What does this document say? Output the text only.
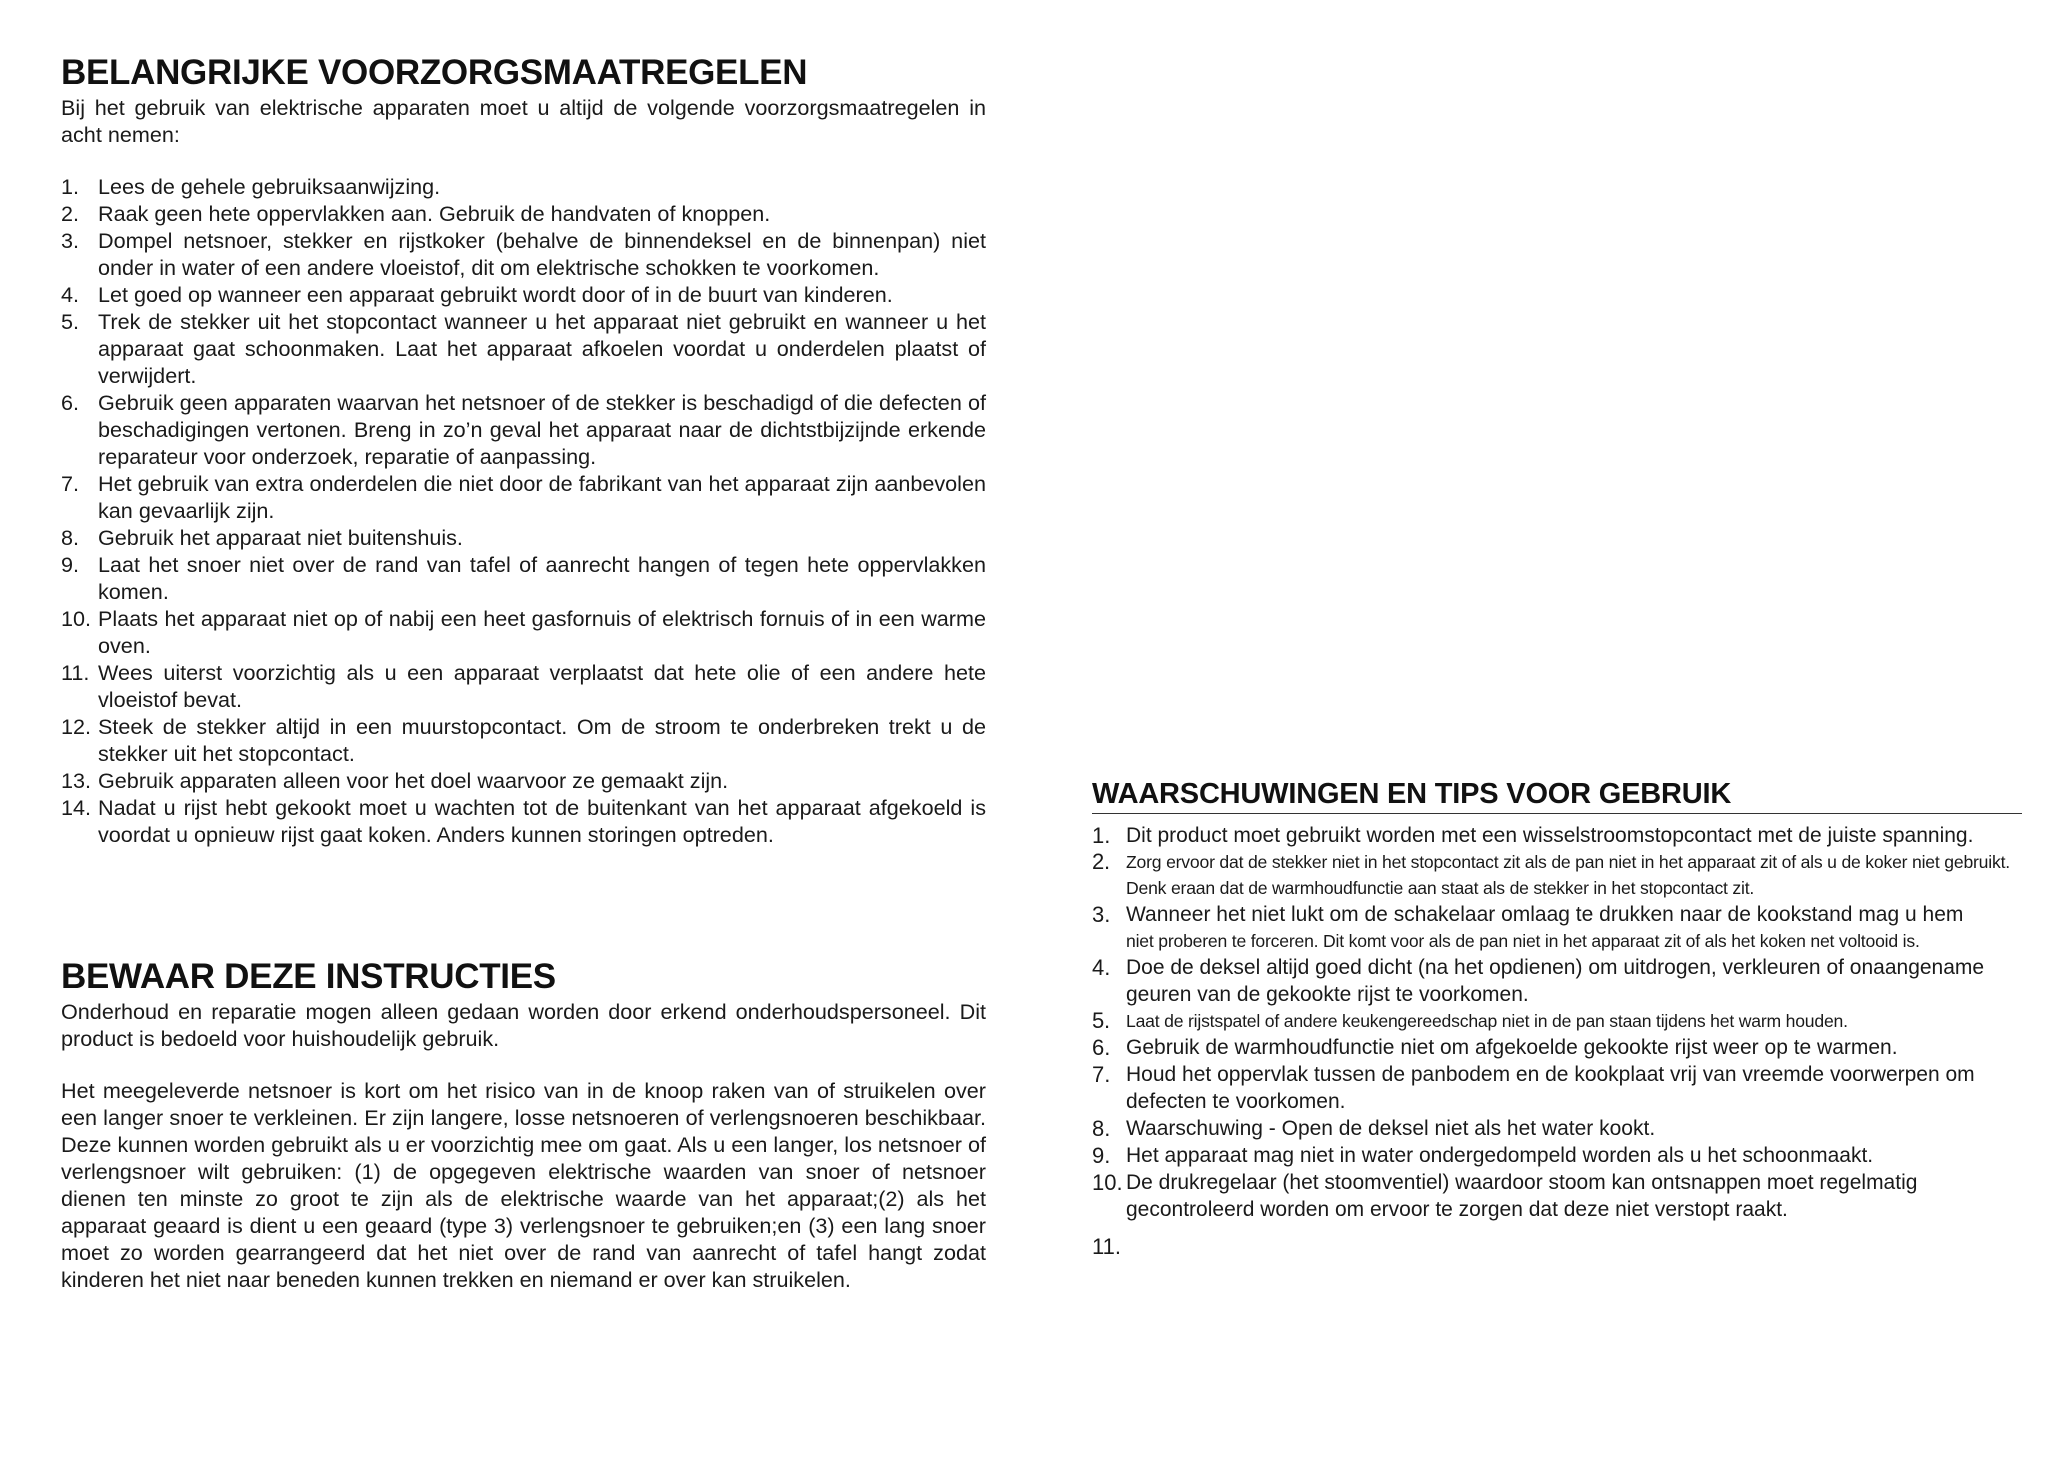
BELANGRIJKE VOORZORGSMAATREGELEN

Bij het gebruik van elektrische apparaten moet u altijd de volgende voorzorgsmaatregelen in acht nemen:

1. Lees de gehele gebruiksaanwijzing.
2. Raak geen hete oppervlakken aan. Gebruik de handvaten of knoppen.
3. Dompel netsnoer, stekker en rijstkoker (behalve de binnendeksel en de binnenpan) niet onder in water of een andere vloeistof, dit om elektrische schokken te voorkomen.
4. Let goed op wanneer een apparaat gebruikt wordt door of in de buurt van kinderen.
5. Trek de stekker uit het stopcontact wanneer u het apparaat niet gebruikt en wanneer u het apparaat gaat schoonmaken. Laat het apparaat afkoelen voordat u onderdelen plaatst of verwijdert.
6. Gebruik geen apparaten waarvan het netsnoer of de stekker is beschadigd of die defecten of beschadigingen vertonen. Breng in zo’n geval het apparaat naar de dichtstbijzijnde erkende reparateur voor onderzoek, reparatie of aanpassing.
7. Het gebruik van extra onderdelen die niet door de fabrikant van het apparaat zijn aanbevolen kan gevaarlijk zijn.
8. Gebruik het apparaat niet buitenshuis.
9. Laat het snoer niet over de rand van tafel of aanrecht hangen of tegen hete oppervlakken komen.
10. Plaats het apparaat niet op of nabij een heet gasfornuis of elektrisch fornuis of in een warme oven.
11. Wees uiterst voorzichtig als u een apparaat verplaatst dat hete olie of een andere hete vloeistof bevat.
12. Steek de stekker altijd in een muurstopcontact. Om de stroom te onderbreken trekt u de stekker uit het stopcontact.
13. Gebruik apparaten alleen voor het doel waarvoor ze gemaakt zijn.
14. Nadat u rijst hebt gekookt moet u wachten tot de buitenkant van het apparaat afgekoeld is voordat u opnieuw rijst gaat koken. Anders kunnen storingen optreden.
BEWAAR DEZE INSTRUCTIES

Onderhoud en reparatie mogen alleen gedaan worden door erkend onderhoudspersoneel. Dit product is bedoeld voor huishoudelijk gebruik.

Het meegeleverde netsnoer is kort om het risico van in de knoop raken van of struikelen over een langer snoer te verkleinen. Er zijn langere, losse netsnoeren of verlengsnoeren beschikbaar. Deze kunnen worden gebruikt als u er voorzichtig mee om gaat. Als u een langer, los netsnoer of verlengsnoer wilt gebruiken: (1) de opgegeven elektrische waarden van snoer of netsnoer dienen ten minste zo groot te zijn als de elektrische waarde van het apparaat;(2) als het apparaat geaard is dient u een geaard (type 3) verlengsnoer te gebruiken;en (3) een lang snoer moet zo worden gearrangeerd dat het niet over de rand van aanrecht of tafel hangt zodat kinderen het niet naar beneden kunnen trekken en niemand er over kan struikelen.

WAARSCHUWINGEN EN TIPS VOOR GEBRUIK
1. Dit product moet gebruikt worden met een wisselstroomstopcontact met de juiste spanning.
2. Zorg ervoor dat de stekker niet in het stopcontact zit als de pan niet in het apparaat zit of als u de koker niet gebruikt. Denk eraan dat de warmhoudfunctie aan staat als de stekker in het stopcontact zit.
3. Wanneer het niet lukt om de schakelaar omlaag te drukken naar de kookstand mag u hem
niet proberen te forceren. Dit komt voor als de pan niet in het apparaat zit of als het koken net voltooid is.
4. Doe de deksel altijd goed dicht (na het opdienen) om uitdrogen, verkleuren of onaangename geuren van de gekookte rijst te voorkomen.
5. Laat de rijstspatel of andere keukengereedschap niet in de pan staan tijdens het warm houden.
6. Gebruik de warmhoudfunctie niet om afgekoelde gekookte rijst weer op te warmen.
7. Houd het oppervlak tussen de panbodem en de kookplaat vrij van vreemde voorwerpen om defecten te voorkomen.
8. Waarschuwing - Open de deksel niet als het water kookt.
9. Het apparaat mag niet in water ondergedompeld worden als u het schoonmaakt.
10. De drukregelaar (het stoomventiel) waardoor stoom kan ontsnappen moet regelmatig gecontroleerd worden om ervoor te zorgen dat deze niet verstopt raakt.
11.
